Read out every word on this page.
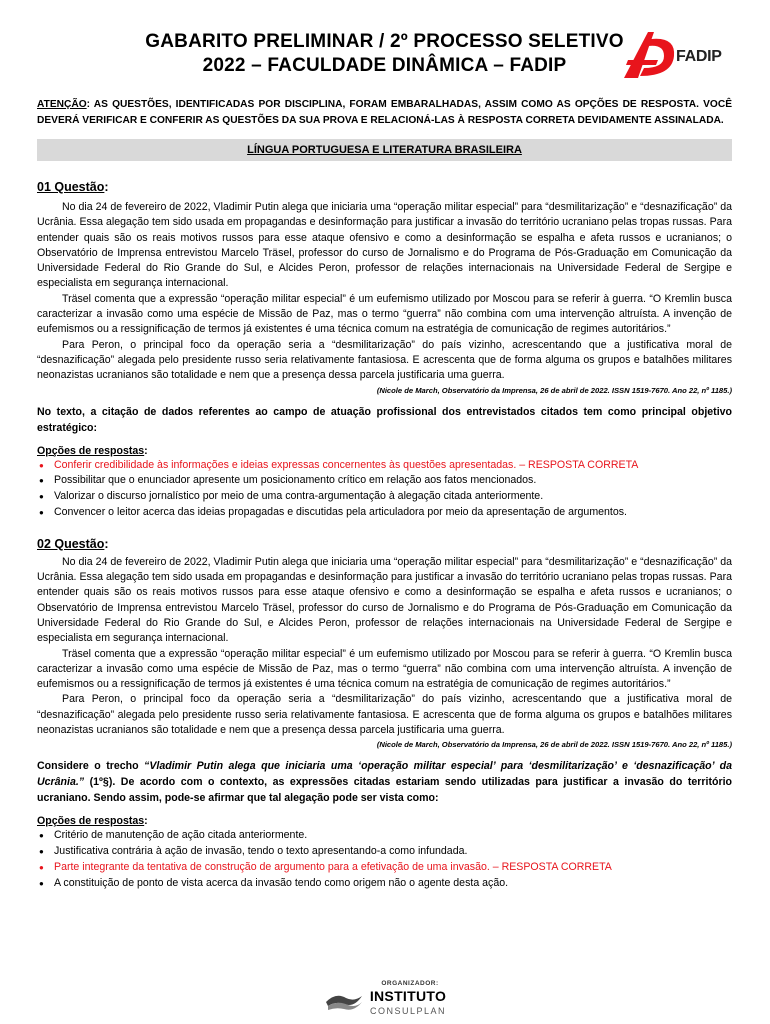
GABARITO PRELIMINAR / 2º PROCESSO SELETIVO
2022 – FACULDADE DINÂMICA – FADIP	FADIP
ATENÇÃO: AS QUESTÕES, IDENTIFICADAS POR DISCIPLINA, FORAM EMBARALHADAS, ASSIM COMO AS OPÇÕES DE RESPOSTA. VOCÊ DEVERÁ VERIFICAR E CONFERIR AS QUESTÕES DA SUA PROVA E RELACIONÁ-LAS À RESPOSTA CORRETA DEVIDAMENTE ASSINALADA.
LÍNGUA PORTUGUESA E LITERATURA BRASILEIRA
01 Questão:

No dia 24 de fevereiro de 2022, Vladimir Putin alega que iniciaria uma “operação militar especial” para “desmilitarização” e “desnazificação” da Ucrânia. Essa alegação tem sido usada em propagandas e desinformação para justificar a invasão do território ucraniano pelas tropas russas. Para entender quais são os reais motivos russos para esse ataque ofensivo e como a desinformação se espalha e afeta russos e ucranianos; o Observatório de Imprensa entrevistou Marcelo Träsel, professor do curso de Jornalismo e do Programa de Pós-Graduação em Comunicação da Universidade Federal do Rio Grande do Sul, e Alcides Peron, professor de relações internacionais na Universidade Federal de Sergipe e especialista em segurança internacional.

Träsel comenta que a expressão “operação militar especial” é um eufemismo utilizado por Moscou para se referir à guerra. “O Kremlin busca caracterizar a invasão como uma espécie de Missão de Paz, mas o termo “guerra” não combina com uma intervenção altruísta. A invenção de eufemismos ou a ressignificação de termos já existentes é uma técnica comum na estratégia de comunicação de regimes autoritários.”

Para Peron, o principal foco da operação seria a “desmilitarização” do país vizinho, acrescentando que a justificativa moral de “desnazificação” alegada pelo presidente russo seria relativamente fantasiosa. E acrescenta que de forma alguma os grupos e batalhões militares neonazistas ucranianos são totalidade e nem que a presença dessa parcela justificaria uma guerra.

(Nicole de March, Observatório da Imprensa, 26 de abril de 2022. ISSN 1519-7670. Ano 22, nº 1185.)
No texto, a citação de dados referentes ao campo de atuação profissional dos entrevistados citados tem como principal objetivo estratégico:
Opções de respostas:
● Conferir credibilidade às informações e ideias expressas concernentes às questões apresentadas. – RESPOSTA CORRETA
● Possibilitar que o enunciador apresente um posicionamento crítico em relação aos fatos mencionados.
● Valorizar o discurso jornalístico por meio de uma contra-argumentação à alegação citada anteriormente.
● Convencer o leitor acerca das ideias propagadas e discutidas pela articuladora por meio da apresentação de argumentos.
02 Questão:

No dia 24 de fevereiro de 2022, Vladimir Putin alega que iniciaria uma “operação militar especial” para “desmilitarização” e “desnazificação” da Ucrânia. Essa alegação tem sido usada em propagandas e desinformação para justificar a invasão do território ucraniano pelas tropas russas. Para entender quais são os reais motivos russos para esse ataque ofensivo e como a desinformação se espalha e afeta russos e ucranianos; o Observatório de Imprensa entrevistou Marcelo Träsel, professor do curso de Jornalismo e do Programa de Pós-Graduação em Comunicação da Universidade Federal do Rio Grande do Sul, e Alcides Peron, professor de relações internacionais na Universidade Federal de Sergipe e especialista em segurança internacional.

Träsel comenta que a expressão “operação militar especial” é um eufemismo utilizado por Moscou para se referir à guerra. “O Kremlin busca caracterizar a invasão como uma espécie de Missão de Paz, mas o termo “guerra” não combina com uma intervenção altruísta. A invenção de eufemismos ou a ressignificação de termos já existentes é uma técnica comum na estratégia de comunicação de regimes autoritários.”

Para Peron, o principal foco da operação seria a “desmilitarização” do país vizinho, acrescentando que a justificativa moral de “desnazificação” alegada pelo presidente russo seria relativamente fantasiosa. E acrescenta que de forma alguma os grupos e batalhões militares neonazistas ucranianos são totalidade e nem que a presença dessa parcela justificaria uma guerra.

(Nicole de March, Observatório da Imprensa, 26 de abril de 2022. ISSN 1519-7670. Ano 22, nº 1185.)
Considere o trecho “Vladimir Putin alega que iniciaria uma ‘operação militar especial’ para ‘desmilitarização’ e ‘desnazificação’ da Ucrânia.” (1º§). De acordo com o contexto, as expressões citadas estariam sendo utilizadas para justificar a invasão do território ucraniano. Sendo assim, pode-se afirmar que tal alegação pode ser vista como:
Opções de respostas:
● Critério de manutenção de ação citada anteriormente.
● Justificativa contrária à ação de invasão, tendo o texto apresentando-a como infundada.
● Parte integrante da tentativa de construção de argumento para a efetivação de uma invasão. – RESPOSTA CORRETA
● A constituição de ponto de vista acerca da invasão tendo como origem não o agente desta ação.
ORGANIZADOR:
INSTITUTO
CONSULPLAN
